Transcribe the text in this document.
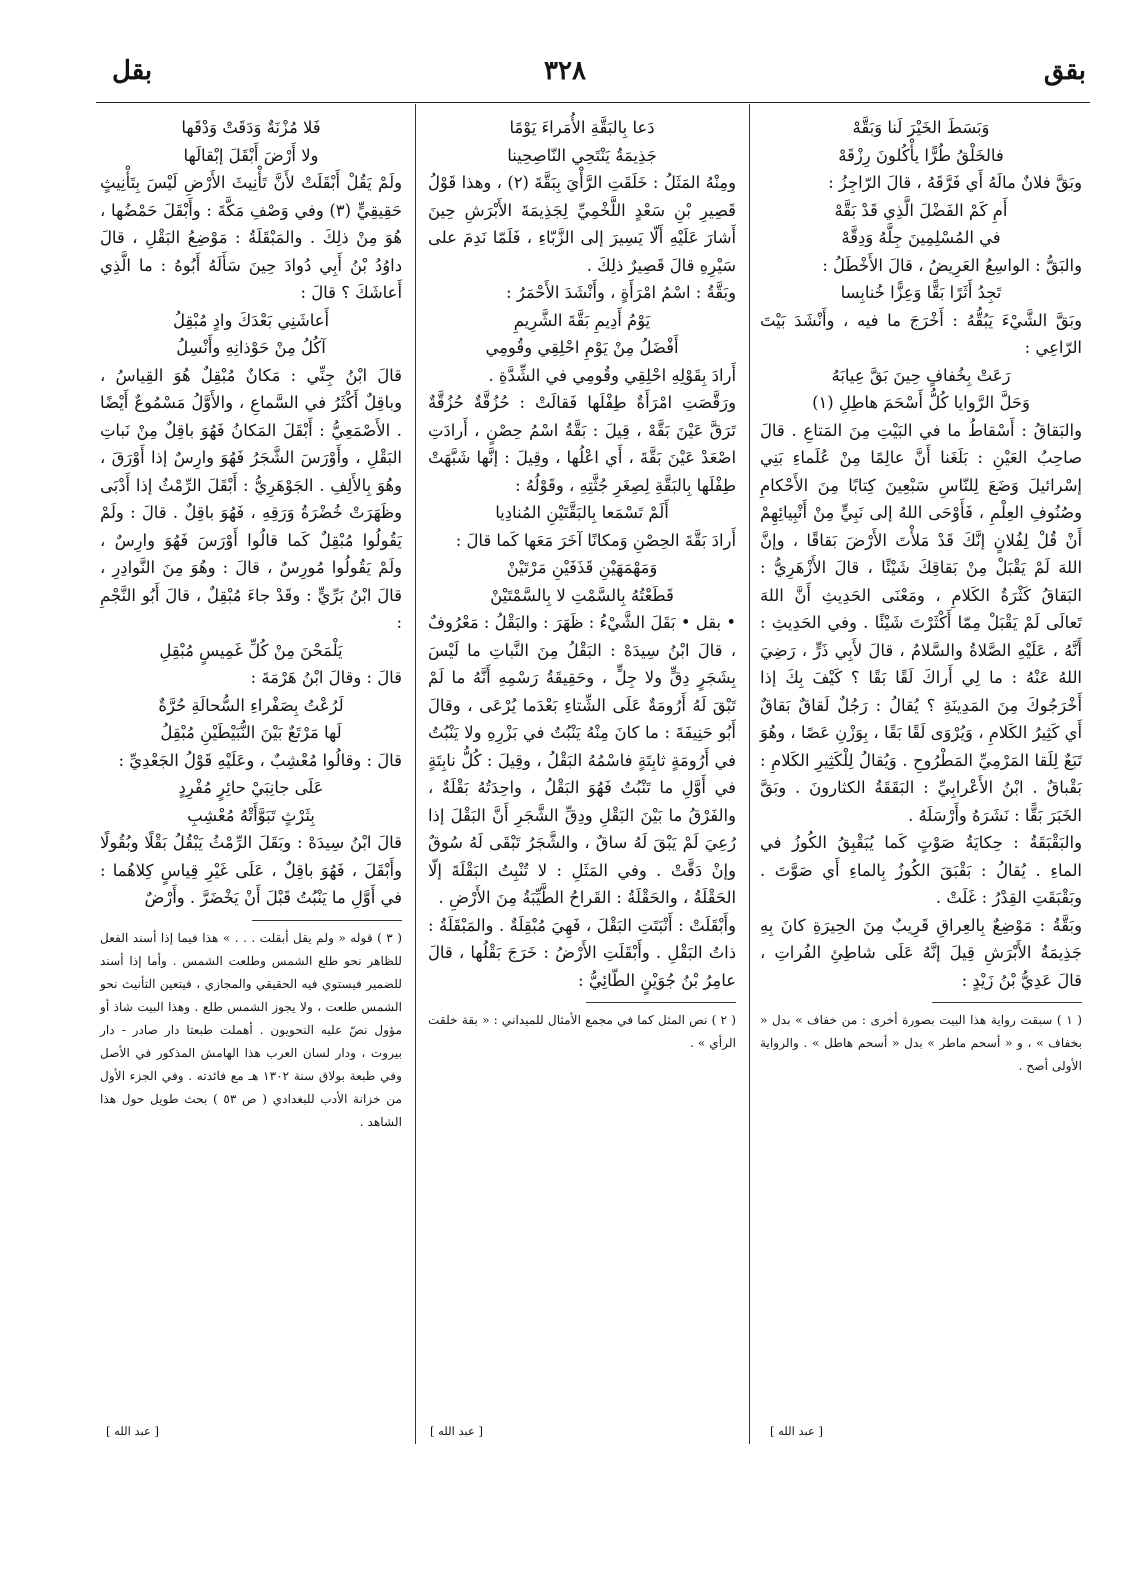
بقق
٣٢٨
بقل

وَبَسَطَ الخَيْرَ لَنا وَبَقَّهْ

فالخَلْقُ طُرًّا يأْكُلونَ رِزْقَهْ

وبَقَّ فلانٌ مالَهُ أَي فَرَّقَهُ ، قالَ الرّاجِزُ :

أَمِ كَمْ الفَضْلَ الَّذِي قَدْ بَقَّهْ

في المُسْلِمِينَ جِلَّهُ وَدِقَّهْ

والبَقُّ : الواسِعُ العَرِيضُ ، قالَ الأَخْطَلُ :

تَجِدُ أَثَرًا بَقًّا وَعِزًّا خُنابِسا

وبَقَّ الشَّيْءَ يَبُقُّهُ : أَخْرَجَ ما فيه ، وأَنْشَدَ بَيْتَ الرّاعِي :

رَعَتْ بِخُفافٍ حِينَ بَقَّ عِيابَهُ

وَحَلَّ الرَّوايا كُلُّ أَسْحَمَ هاطِلِ (١)

والبَقاقُ : أَسْقاطُ ما في البَيْتِ مِنَ المَتاعِ . قالَ صاحِبُ العَيْنِ : بَلَغَنا أَنَّ عالِمًا مِنْ عُلَماءِ بَنِي إسْرائيلَ وَضَعَ لِلنّاسِ سَبْعِينَ كِتابًا مِنَ الأَحْكامِ وصُنُوفِ العِلْمِ ، فَأَوْحَى اللهُ إلى نَبِيٍّ مِنْ أَنْبِيائِهِمْ أَنْ قُلْ لِفُلانٍ إنَّكَ قَدْ مَلأْتَ الأَرْضَ بَقاقًا ، وإنَّ اللهَ لَمْ يَقْبَلْ مِنْ بَقاقِكَ شَيْئًا ، قالَ الأَزْهَرِيُّ : البَقاقُ كَثْرَةُ الكَلامِ ، ومَعْنَى الحَدِيثِ أَنَّ اللهَ تَعالَى لَمْ يَقْبَلْ مِمّا أَكْثَرْتَ شَيْئًا . وفي الحَدِيثِ : أَنَّهُ ، عَلَيْهِ الصَّلاةُ والسَّلامُ ، قالَ لأَبِي ذَرٍّ ، رَضِيَ اللهُ عَنْهُ : ما لِي أَراكَ لَقًا بَقًا ؟ كَيْفَ بِكَ إذا أَخْرَجُوكَ مِنَ المَدِينَةِ ؟ يُقالُ : رَجُلٌ لَقاقٌ بَقاقٌ أَي كَثِيرُ الكَلامِ ، وَيُرْوَى لَقًا بَقًا ، بِوَزْنِ عَصًا ، وهُوَ تَبَعٌ لِلَقا المَرْمِيِّ المَطْرُوحِ . وَيُقالُ لِلْكَثِيرِ الكَلامِ : بَقْباقٌ . ابْنُ الأَعْرابِيِّ : البَقَقَةُ الكثارونَ . وبَقَّ الخَبَرَ بَقًّا : نَشَرَهُ وأَرْسَلَهُ .

والبَقْبَقَةُ : حِكايَةُ صَوْتٍ كَما يُبَقْبِقُ الكُوزُ في الماءِ . يُقالُ : بَقْبَقَ الكُوزُ بِالماءِ أَي صَوَّتَ . وبَقْبَقَتِ القِدْرُ : غَلَتْ .

وبَقَّةُ : مَوْضِعٌ بِالعِراقِ قَرِيبٌ مِنَ الحِيرَةِ كانَ بِهِ جَذِيمَةُ الأَبْرَشِ قِيلَ إنَّهُ عَلَى شاطِئِ الفُراتِ ، قالَ عَدِيُّ بْنُ زَيْدٍ :

( ١ ) سبقت رواية هذا البيت بصورة أخرى : من خفاف » بدل « بخفاف » ، و « أسحم ماطر » بدل « أسحم هاطل » . والرواية الأولى أصح .

دَعا بِالبَقَّةِ الأُمَراءَ يَوْمًا

جَذِيمَةُ يَنْتَحِي النّاصِحِينا

ومِنْهُ المَثَلُ : خَلَقَتِ الرَّأْيَ بِبَقَّةَ (٢) ، وهذا قَوْلُ قَصِيرِ بْنِ سَعْدٍ اللَّخْمِيِّ لِجَذِيمَةَ الأَبْرَشِ حِينَ أَشارَ عَلَيْهِ أَلّا يَسِيرَ إلى الزَّبّاءِ ، فَلَمّا نَدِمَ على سَيْرِهِ قالَ قَصِيرٌ ذلِكَ .

وبَقَّةُ : اسْمُ امْرَأَةٍ ، وأَنْشَدَ الأَحْمَرُ :

يَوْمُ أَدِيمِ بَقَّةَ الشَّرِيمِ

أَفْضَلُ مِنْ يَوْمِ احْلِقِي وقُومِي

أَرادَ بِقَوْلِهِ احْلِقِي وقُومِي في الشِّدَّةِ .

ورَقَّصَتِ امْرَأَةٌ طِفْلَها فَقالَتْ : حُزُقَّةٌ حُزُقَّةٌ تَرَقَّ عَيْنَ بَقَّهْ ، قِيلَ : بَقَّةُ اسْمُ حِصْنٍ ، أَرادَتِ اصْعَدْ عَيْنَ بَقَّةَ ، أَي اعْلُها ، وقِيلَ : إنَّها شَبَّهَتْ طِفْلَها بِالبَقَّةِ لِصِغَرِ جُثَّتِهِ ، وقَوْلُهُ :

أَلَمْ تَسْمَعا بِالبَقَّتَيْنِ المُنادِيا

أَرادَ بَقَّةَ الحِصْنِ وَمكانًا آخَرَ مَعَها كَما قالَ :

وَمَهْمَهَيْنِ قَذَفَيْنِ مَرْتَيْنْ

قَطَعْتُهُ بِالسَّمْتِ لا بِالسَّمْتَيْنْ

• بقل • بَقَلَ الشَّيْءُ : ظَهَرَ : والبَقْلُ : مَعْرُوفٌ ، قالَ ابْنُ سِيدَهْ : البَقْلُ مِنَ النَّباتِ ما لَيْسَ بِشَجَرٍ دِقٍّ ولا جِلٍّ ، وحَقِيقَةُ رَسْمِهِ أَنَّهُ ما لَمْ تَبْقَ لَهُ أَرُومَةٌ عَلَى الشِّتاءِ بَعْدَما يُرْعَى ، وقالَ أَبُو حَنِيفَةَ : ما كانَ مِنْهُ يَنْبُتُ في بَزْرِهِ ولا يَنْبُتُ في أَرُومَةٍ ثابِتَةٍ فاسْمُهُ البَقْلُ ، وقِيلَ : كُلُّ نابِتَةٍ في أَوَّلِ ما تَنْبُتُ فَهُوَ البَقْلُ ، واحِدَتُهُ بَقْلَةٌ ، والفَرْقُ ما بَيْنَ البَقْلِ ودِقِّ الشَّجَرِ أَنَّ البَقْلَ إذا رُعِيَ لَمْ يَبْقَ لَهُ ساقٌ ، والشَّجَرُ تَبْقَى لَهُ سُوقٌ وإنْ دَقَّتْ . وفي المَثَلِ : لا تُنْبِتُ البَقْلَةَ إلّا الحَقْلَةُ ، والحَقْلَةُ : القَراحُ الطَّيِّبَةُ مِنَ الأَرْضِ .

وأَبْقَلَتْ : أَنْبَتَتِ البَقْلَ ، فَهِيَ مُبْقِلَةٌ . والمَبْقَلَةُ : ذاتُ البَقْلِ . وأَبْقَلَتِ الأَرْضُ : خَرَجَ بَقْلُها ، قالَ عامِرُ بْنُ جُوَيْنٍ الطّائِيُّ :

( ٢ ) نص المثل كما في مجمع الأمثال للميداني : « بقة خلقت الرأي » .

فَلا مُزْنَةٌ وَدَقَتْ وَدْقَها

ولا أَرْضَ أَبْقَلَ إبْقالَها

ولَمْ يَقُلْ أَبْقَلَتْ لأَنَّ تَأْنِيثَ الأَرْضِ لَيْسَ بِتَأْنِيثٍ حَقِيقِيٍّ (٣) وفي وَصْفِ مَكَّةَ : وأَبْقَلَ حَمْضُها ، هُوَ مِنْ ذلِكَ . والمَبْقَلَةُ : مَوْضِعُ البَقْلِ ، قالَ داوُدُ بْنُ أَبِي دُوادَ حِينَ سَأَلَهُ أَبُوهُ : ما الَّذِي أَعاشَكَ ؟ قالَ :

أَعاشَنِي بَعْدَكَ وادٍ مُبْقِلُ

آكُلُ مِنْ حَوْذانِهِ وأَنْسِلُ

قالَ ابْنُ جِنِّي : مَكانٌ مُبْقِلٌ هُوَ القِياسُ ، وباقِلٌ أَكْثَرُ في السَّماعِ ، والأَوَّلُ مَسْمُوعٌ أَيْضًا . الأَصْمَعِيُّ : أَبْقَلَ المَكانُ فَهُوَ باقِلٌ مِنْ نَباتِ البَقْلِ ، وأَوْرَسَ الشَّجَرُ فَهُوَ وارِسٌ إذا أَوْرَقَ ، وهُوَ بِالأَلِفِ . الجَوْهَرِيُّ : أَبْقَلَ الرِّمْثُ إذا أَدْبَى وظَهَرَتْ خُضْرَةُ وَرَقِهِ ، فَهُوَ باقِلٌ . قالَ : ولَمْ يَقُولُوا مُبْقِلٌ كَما قالُوا أَوْرَسَ فَهُوَ وارِسٌ ، ولَمْ يَقُولُوا مُورِسٌ ، قالَ : وهُوَ مِنَ النَّوادِرِ ، قالَ ابْنُ بَرِّيٍّ : وقَدْ جاءَ مُبْقِلٌ ، قالَ أَبُو النَّجْمِ :

يَلْمَحْنَ مِنْ كُلِّ غَمِيسٍ مُبْقِلِ

قالَ : وقالَ ابْنُ هَرْمَةَ :

لَرُعْتُ بِصَفْراءِ السُّحالَةِ حُرَّةٌ

لَها مَرْتَعٌ بَيْنَ النُّبَيْطَيْنِ مُبْقِلُ

قالَ : وقالُوا مُعْشِبٌ ، وعَلَيْهِ قَوْلُ الجَعْدِيِّ :

عَلَى جانِبَيْ حائِرٍ مُفْرِدٍ

بِثَرْثٍ تَبَوَّأَتْهُ مُعْشِبِ

قالَ ابْنُ سِيدَهْ : وبَقَلَ الرِّمْثُ يَبْقُلُ بَقْلًا وبُقُولًا وأَبْقَلَ ، فَهُوَ باقِلٌ ، عَلَى غَيْرِ قِياسٍ كِلاهُما : في أَوَّلِ ما يَنْبُتُ قَبْلَ أَنْ يَخْضَرَّ . وأَرْضٌ

( ٣ ) قوله « ولم يقل أبقلت . . . » هذا فيما إذا أسند الفعل للظاهر نحو طلع الشمس وطلعت الشمس . وأما إذا أسند للضمير فيستوي فيه الحقيقي والمجازي ، فيتعين التأنيث نحو الشمس طلعت ، ولا يجوز الشمس طلع . وهذا البيت شاذ أو مؤول نصّ عليه النحويون . أهملت طبعتا دار صادر - دار بيروت ، ودار لسان العرب هذا الهامش المذكور في الأصل وفي طبعة بولاق سنة ١٣٠٢ هـ مع فائدته . وفي الجزء الأول من خزانة الأدب للبغدادي ( ص ٥٣ ) بحث طويل حول هذا الشاهد .

[ عبد الله ]
[ عبد الله ]
[ عبد الله ]
